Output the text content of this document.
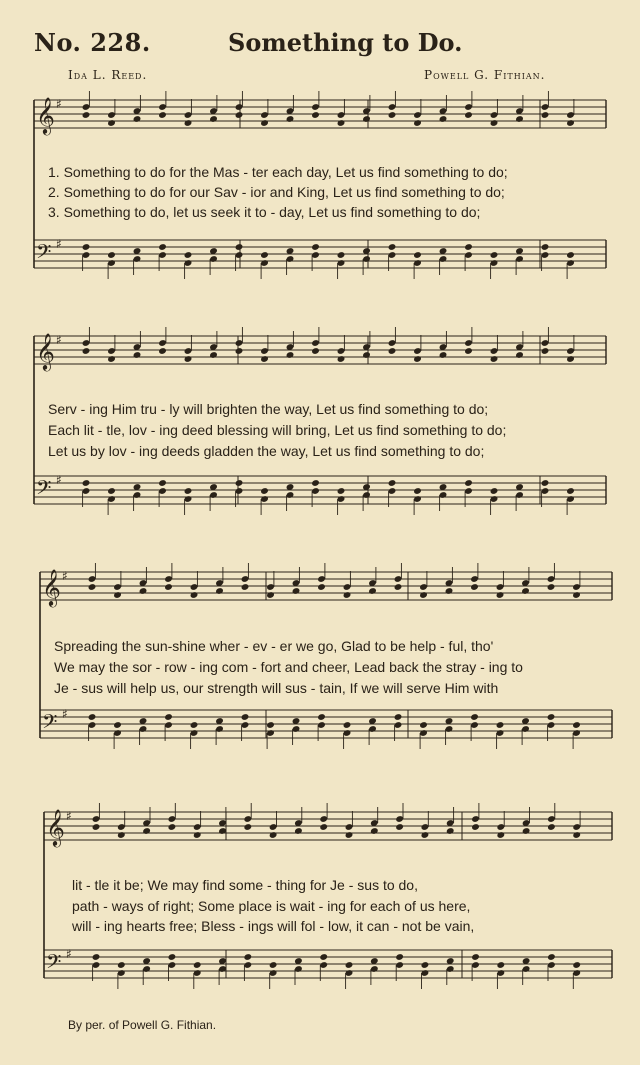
No. 228.	Something to Do.
Ida L. Reed.	Powell G. Fithian.
𝄞 ♯
𝄢 ♯
𝄞 ♯
𝄢 ♯
𝄞 ♯
𝄢 ♯
𝄞 ♯
𝄢 ♯
1. Something to do for the Mas - ter each day, Let us find something to do;
2. Something to do for our Sav - ior and King, Let us find something to do;
3. Something to do, let us seek it to - day, Let us find something to do;
Serv - ing Him tru - ly will brighten the way, Let us find something to do;
Each lit - tle, lov - ing deed blessing will bring, Let us find something to do;
Let us by lov - ing deeds gladden the way, Let us find something to do;
Spreading the sun-shine wher - ev - er we go, Glad to be help - ful, tho'
We may the sor - row - ing com - fort and cheer, Lead back the stray - ing to
Je - sus will help us, our strength will sus - tain, If we will serve Him with
lit - tle it be; We may find some - thing for Je - sus to do,
path - ways of right; Some place is wait - ing for each of us here,
will - ing hearts free; Bless - ings will fol - low, it can - not be vain,
By per. of Powell G. Fithian.
